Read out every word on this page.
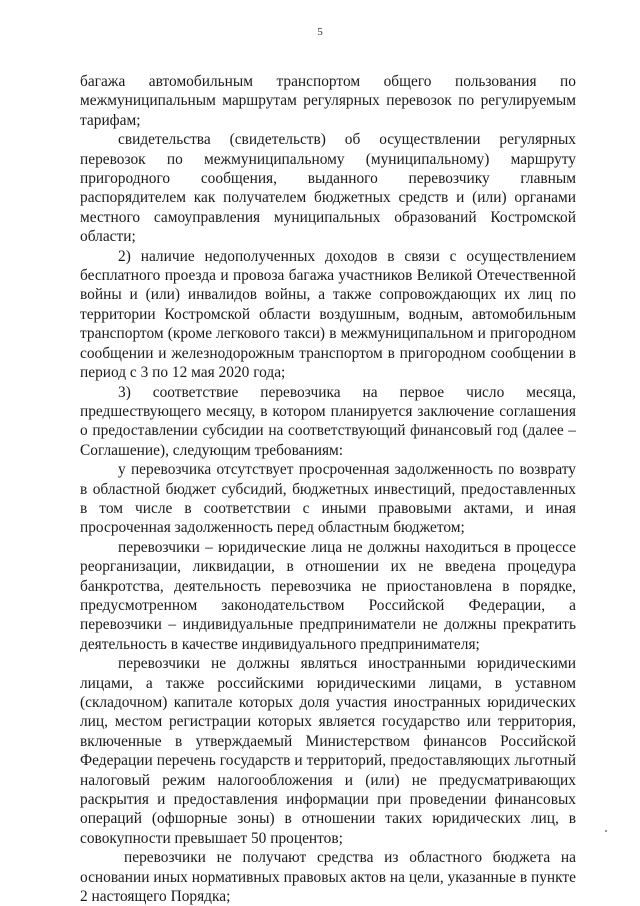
5

багажа автомобильным транспортом общего пользования по межмуниципальным маршрутам регулярных перевозок по регулируемым тарифам;

свидетельства (свидетельств) об осуществлении регулярных перевозок по межмуниципальному (муниципальному) маршруту пригородного сообщения, выданного перевозчику главным распорядителем как получателем бюджетных средств и (или) органами местного самоуправления муниципальных образований Костромской области;

2) наличие недополученных доходов в связи с осуществлением бесплатного проезда и провоза багажа участников Великой Отечественной войны и (или) инвалидов войны, а также сопровождающих их лиц по территории Костромской области воздушным, водным, автомобильным транспортом (кроме легкового такси) в межмуниципальном и пригородном сообщении и железнодорожным транспортом в пригородном сообщении в период с 3 по 12 мая 2020 года;

3) соответствие перевозчика на первое число месяца, предшествующего месяцу, в котором планируется заключение соглашения о предоставлении субсидии на соответствующий финансовый год (далее – Соглашение), следующим требованиям:

у перевозчика отсутствует просроченная задолженность по возврату в областной бюджет субсидий, бюджетных инвестиций, предоставленных в том числе в соответствии с иными правовыми актами, и иная просроченная задолженность перед областным бюджетом;

перевозчики – юридические лица не должны находиться в процессе реорганизации, ликвидации, в отношении их не введена процедура банкротства, деятельность перевозчика не приостановлена в порядке, предусмотренном законодательством Российской Федерации, а перевозчики – индивидуальные предприниматели не должны прекратить деятельность в качестве индивидуального предпринимателя;

перевозчики не должны являться иностранными юридическими лицами, а также российскими юридическими лицами, в уставном (складочном) капитале которых доля участия иностранных юридических лиц, местом регистрации которых является государство или территория, включенные в утверждаемый Министерством финансов Российской Федерации перечень государств и территорий, предоставляющих льготный налоговый режим налогообложения и (или) не предусматривающих раскрытия и предоставления информации при проведении финансовых операций (офшорные зоны) в отношении таких юридических лиц, в совокупности превышает 50 процентов;

перевозчики не получают средства из областного бюджета на основании иных нормативных правовых актов на цели, указанные в пункте 2 настоящего Порядка;
